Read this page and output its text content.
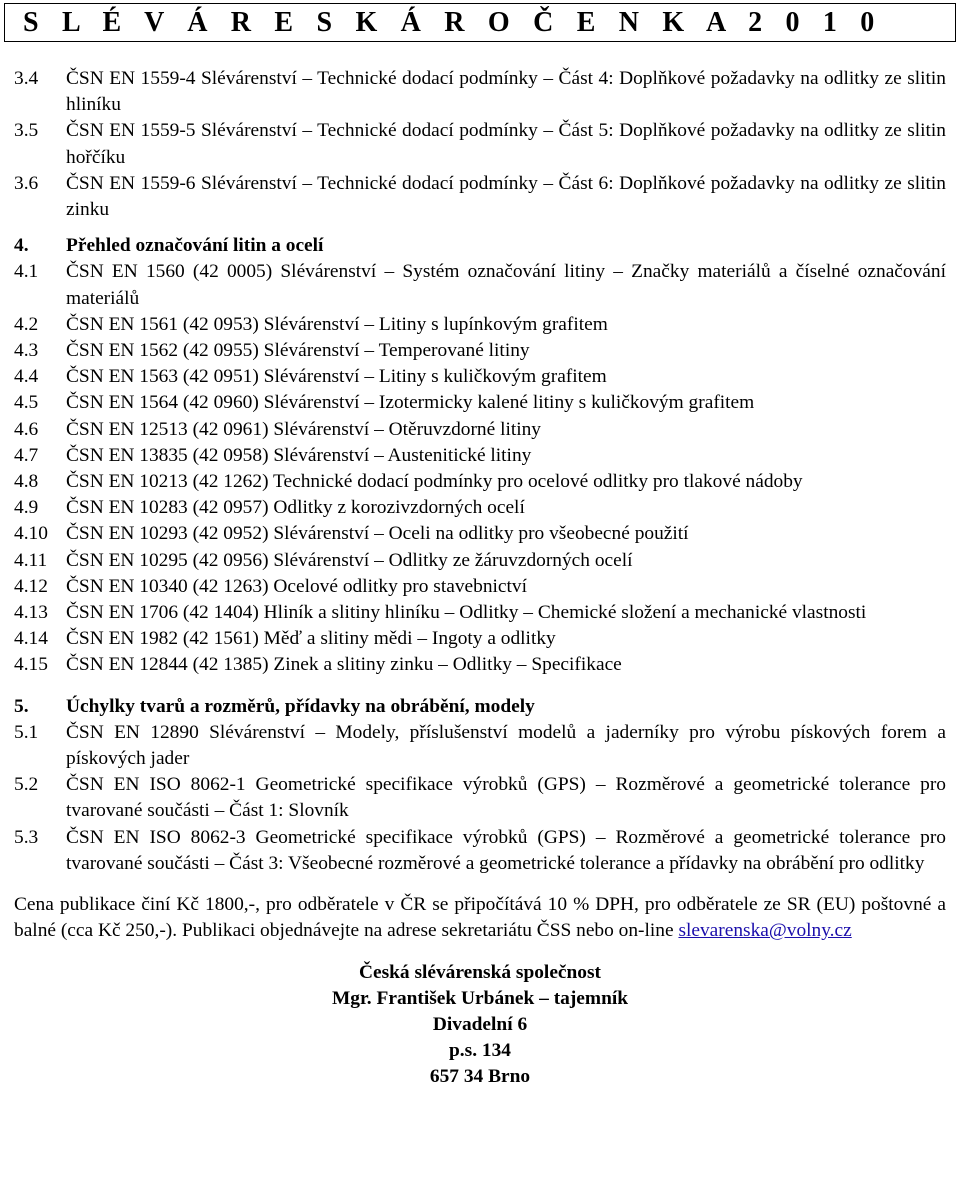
S L É V Á R E S K Á R O Č E N K A 2 0 1 0
3.4 ČSN EN 1559-4 Slévárenství – Technické dodací podmínky – Část 4: Doplňkové požadavky na odlitky ze slitin hliníku
3.5 ČSN EN 1559-5 Slévárenství – Technické dodací podmínky – Část 5: Doplňkové požadavky na odlitky ze slitin hořčíku
3.6 ČSN EN 1559-6 Slévárenství – Technické dodací podmínky – Část 6: Doplňkové požadavky na odlitky ze slitin zinku
4. Přehled označování litin a ocelí
4.1 ČSN EN 1560 (42 0005) Slévárenství – Systém označování litiny – Značky materiálů a číselné označování materiálů
4.2 ČSN EN 1561 (42 0953) Slévárenství – Litiny s lupínkovým grafitem
4.3 ČSN EN 1562 (42 0955) Slévárenství – Temperované litiny
4.4 ČSN EN 1563 (42 0951) Slévárenství – Litiny s kuličkovým grafitem
4.5 ČSN EN 1564 (42 0960) Slévárenství – Izotermicky kalené litiny s kuličkovým grafitem
4.6 ČSN EN 12513 (42 0961) Slévárenství – Otěruvzdorné litiny
4.7 ČSN EN 13835 (42 0958) Slévárenství – Austenitické litiny
4.8 ČSN EN 10213 (42 1262) Technické dodací podmínky pro ocelové odlitky pro tlakové nádoby
4.9 ČSN EN 10283 (42 0957) Odlitky z korozivzdorných ocelí
4.10 ČSN EN 10293 (42 0952) Slévárenství – Oceli na odlitky pro všeobecné použití
4.11 ČSN EN 10295 (42 0956) Slévárenství – Odlitky ze žáruvzdorných ocelí
4.12 ČSN EN 10340 (42 1263) Ocelové odlitky pro stavebnictví
4.13 ČSN EN 1706 (42 1404) Hliník a slitiny hliníku – Odlitky – Chemické složení a mechanické vlastnosti
4.14 ČSN EN 1982 (42 1561) Měď a slitiny mědi – Ingoty a odlitky
4.15 ČSN EN 12844 (42 1385) Zinek a slitiny zinku – Odlitky – Specifikace
5. Úchylky tvarů a rozměrů, přídavky na obrábění, modely
5.1 ČSN EN 12890 Slévárenství – Modely, příslušenství modelů a jaderníky pro výrobu pískových forem a pískových jader
5.2 ČSN EN ISO 8062-1 Geometrické specifikace výrobků (GPS) – Rozměrové a geometrické tolerance pro tvarované součásti – Část 1: Slovník
5.3 ČSN EN ISO 8062-3 Geometrické specifikace výrobků (GPS) – Rozměrové a geometrické tolerance pro tvarované součásti – Část 3: Všeobecné rozměrové a geometrické tolerance a přídavky na obrábění pro odlitky
Cena publikace činí Kč 1800,-, pro odběratele v ČR se připočítává 10 % DPH, pro odběratele ze SR (EU) poštovné a balné (cca Kč 250,-). Publikaci objednávejte na adrese sekretariátu ČSS nebo on-line slevarenska@volny.cz
Česká slévárenská společnost
Mgr. František Urbánek – tajemník
Divadelní 6
p.s. 134
657 34 Brno
